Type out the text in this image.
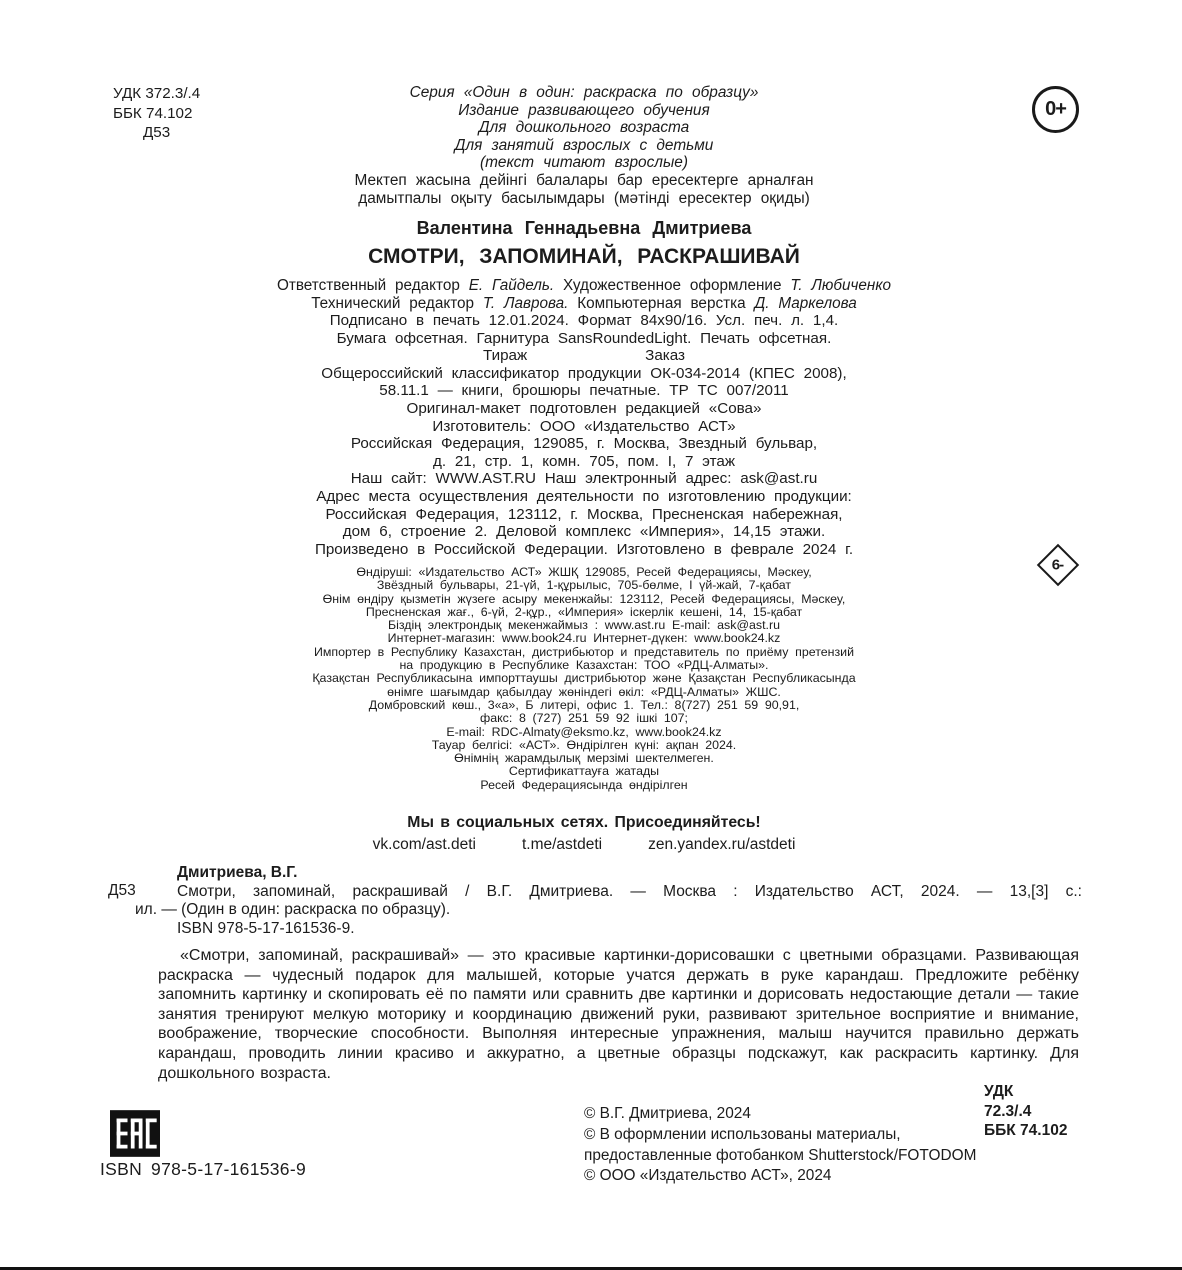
УДК 372.3/.4
ББК 74.102
Д53
0+
Серия «Один в один: раскраска по образцу»
Издание развивающего обучения
Для дошкольного возраста
Для занятий взрослых с детьми
(текст читают взрослые)
Мектеп жасына дейінгі балалары бар ересектерге арналған
дамытпалы оқыту басылымдары (мәтінді ересектер оқиды)
Валентина Геннадьевна Дмитриева
СМОТРИ, ЗАПОМИНАЙ, РАСКРАШИВАЙ
Ответственный редактор Е. Гайдель. Художественное оформление Т. Любиченко
Технический редактор Т. Лаврова. Компьютерная верстка Д. Маркелова
Подписано в печать 12.01.2024. Формат 84х90/16. Усл. печ. л. 1,4.
Бумага офсетная. Гарнитура SansRoundedLight. Печать офсетная.
Тираж	Заказ
Общероссийский классификатор продукции ОК-034-2014 (КПЕС 2008),
58.11.1 — книги, брошюры печатные. ТР ТС 007/2011
Оригинал-макет подготовлен редакцией «Сова»
Изготовитель: ООО «Издательство АСТ»
Российская Федерация, 129085, г. Москва, Звездный бульвар,
д. 21, стр. 1, комн. 705, пом. I, 7 этаж
Наш сайт: WWW.AST.RU Наш электронный адрес: ask@ast.ru
Адрес места осуществления деятельности по изготовлению продукции:
Российская Федерация, 123112, г. Москва, Пресненская набережная,
дом 6, строение 2. Деловой комплекс «Империя», 14,15 этажи.
Произведено в Российской Федерации. Изготовлено в феврале 2024 г.
6-
Өндіруші: «Издательство АСТ» ЖШҚ 129085, Ресей Федерациясы, Мәскеу,
Звёздный бульвары, 21-үй, 1-құрылыс, 705-бөлме, I үй-жай, 7-қабат
Өнім өндіру қызметін жүзеге асыру мекенжайы: 123112, Ресей Федерациясы, Мәскеу,
Пресненская жағ., 6-үй, 2-құр., «Империя» іскерлік кешені, 14, 15-қабат
Біздің электрондық мекенжаймыз : www.ast.ru E-mail: ask@ast.ru
Интернет-магазин: www.book24.ru Интернет-дүкен: www.book24.kz
Импортер в Республику Казахстан, дистрибьютор и представитель по приёму претензий
на продукцию в Республике Казахстан: ТОО «РДЦ-Алматы».
Қазақстан Республикасына импорттаушы дистрибьютор және Қазақстан Республикасында
өнімге шағымдар қабылдау жөніндегі өкіл: «РДЦ-Алматы» ЖШС.
Домбровский көш., 3«а», Б литері, офис 1. Тел.: 8(727) 251 59 90,91,
факс: 8 (727) 251 59 92 ішкі 107;
E-mail: RDC-Almaty@eksmo.kz, www.book24.kz
Тауар белгісі: «АСТ». Өндірілген күні: ақпан 2024.
Өнімнің жарамдылық мерзімі шектелмеген.
Сертификаттауға жатады
Ресей Федерациясында өндірілген
Мы в социальных сетях. Присоединяйтесь!
vk.com/ast.deti	t.me/astdeti	zen.yandex.ru/astdeti
Д53
Дмитриева, В.Г.
Смотри, запоминай, раскрашивай / В.Г. Дмитриева. — Москва : Издательство АСТ, 2024. — 13,[3] с.:
ил. — (Один в один: раскраска по образцу).
ISBN 978-5-17-161536-9.
«Смотри, запоминай, раскрашивай» — это красивые картинки-дорисовашки с цветными образцами. Развивающая раскраска — чудесный подарок для малышей, которые учатся держать в руке карандаш. Предложите ребёнку запомнить картинку и скопировать её по памяти или сравнить две картинки и дорисовать недостающие детали — такие занятия тренируют мелкую моторику и координацию движений руки, развивают зрительное восприятие и внимание, воображение, творческие способности. Выполняя интересные упражнения, малыш научится правильно держать карандаш, проводить линии красиво и аккуратно, а цветные образцы подскажут, как раскрасить картинку. Для дошкольного возраста.
УДК
72.3/.4
ББК 74.102
ISBN 978-5-17-161536-9
© В.Г. Дмитриева, 2024
© В оформлении использованы материалы,
предоставленные фотобанком Shutterstock/FOTODOM
© ООО «Издательство АСТ», 2024
